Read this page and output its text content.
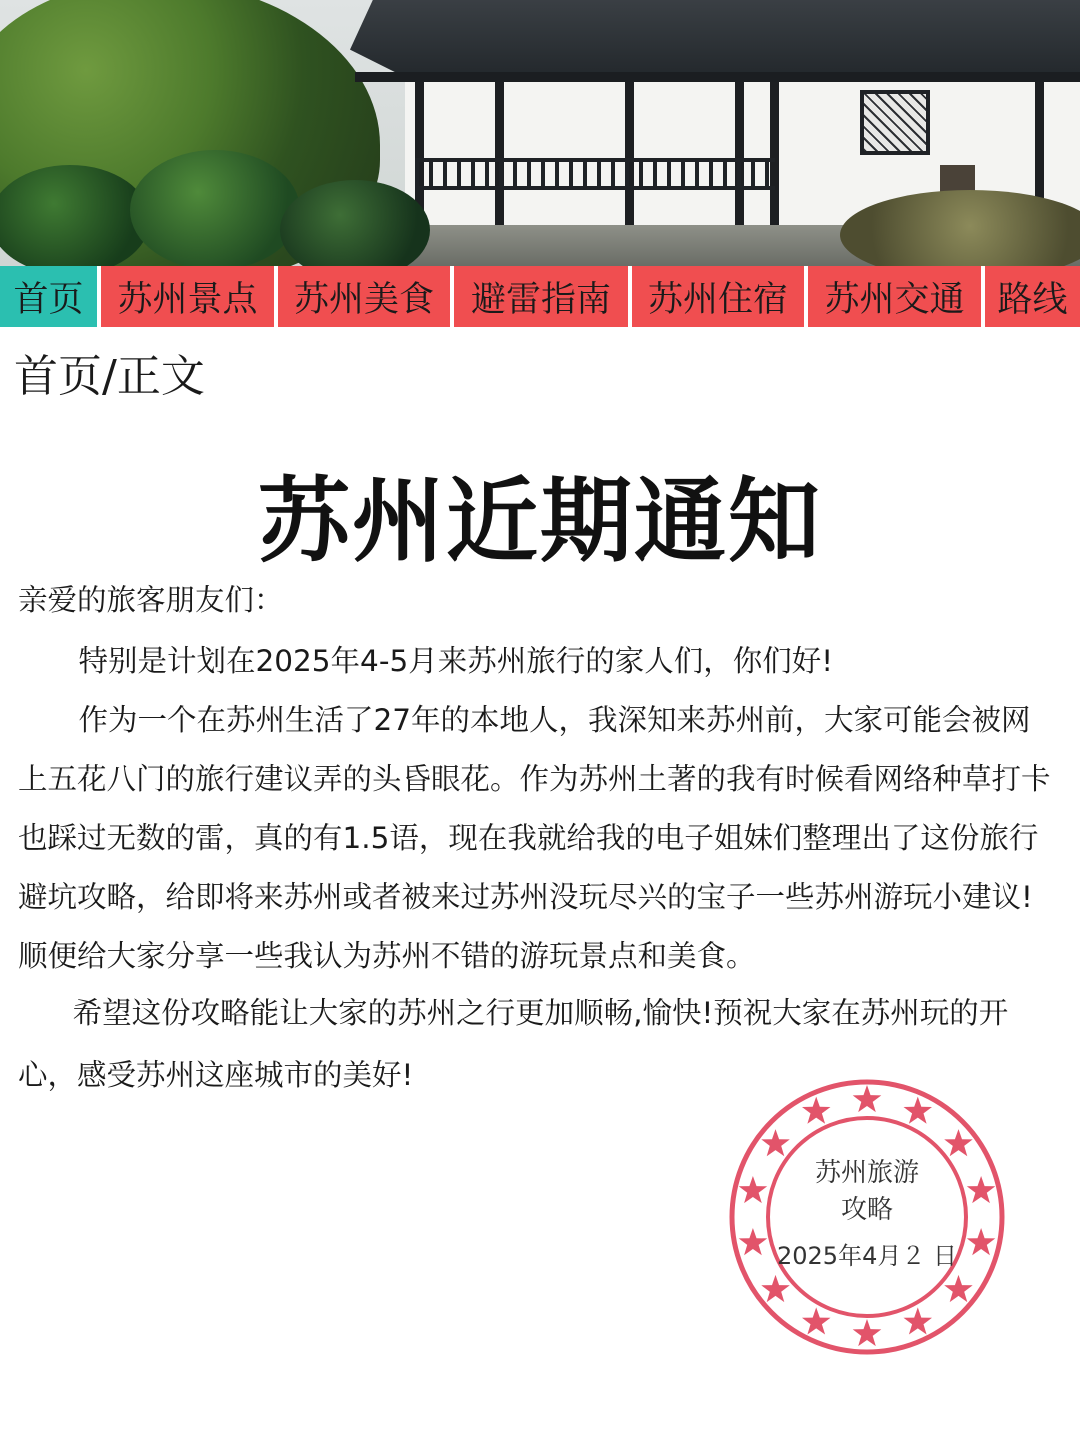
首页 苏州景点	苏州美食	避雷指南	苏州住宿	苏州交通 路线
首页/正文
苏州近期通知
亲爱的旅客朋友们：

特别是计划在2025年4-5月来苏州旅行的家人们，你们好!

作为一个在苏州生活了27年的本地人，我深知来苏州前，大家可能会被网上五花八门的旅行建议弄的头昏眼花。作为苏州土著的我有时候看网络种草打卡也踩过无数的雷，真的有1.5语，现在我就给我的电子姐妹们整理出了这份旅行避坑攻略，给即将来苏州或者被来过苏州没玩尽兴的宝子一些苏州游玩小建议!顺便给大家分享一些我认为苏州不错的游玩景点和美食。

希望这份攻略能让大家的苏州之行更加顺畅,愉快!预祝大家在苏州玩的开心，感受苏州这座城市的美好!

苏州旅游
攻略
2025年4月２ 日
